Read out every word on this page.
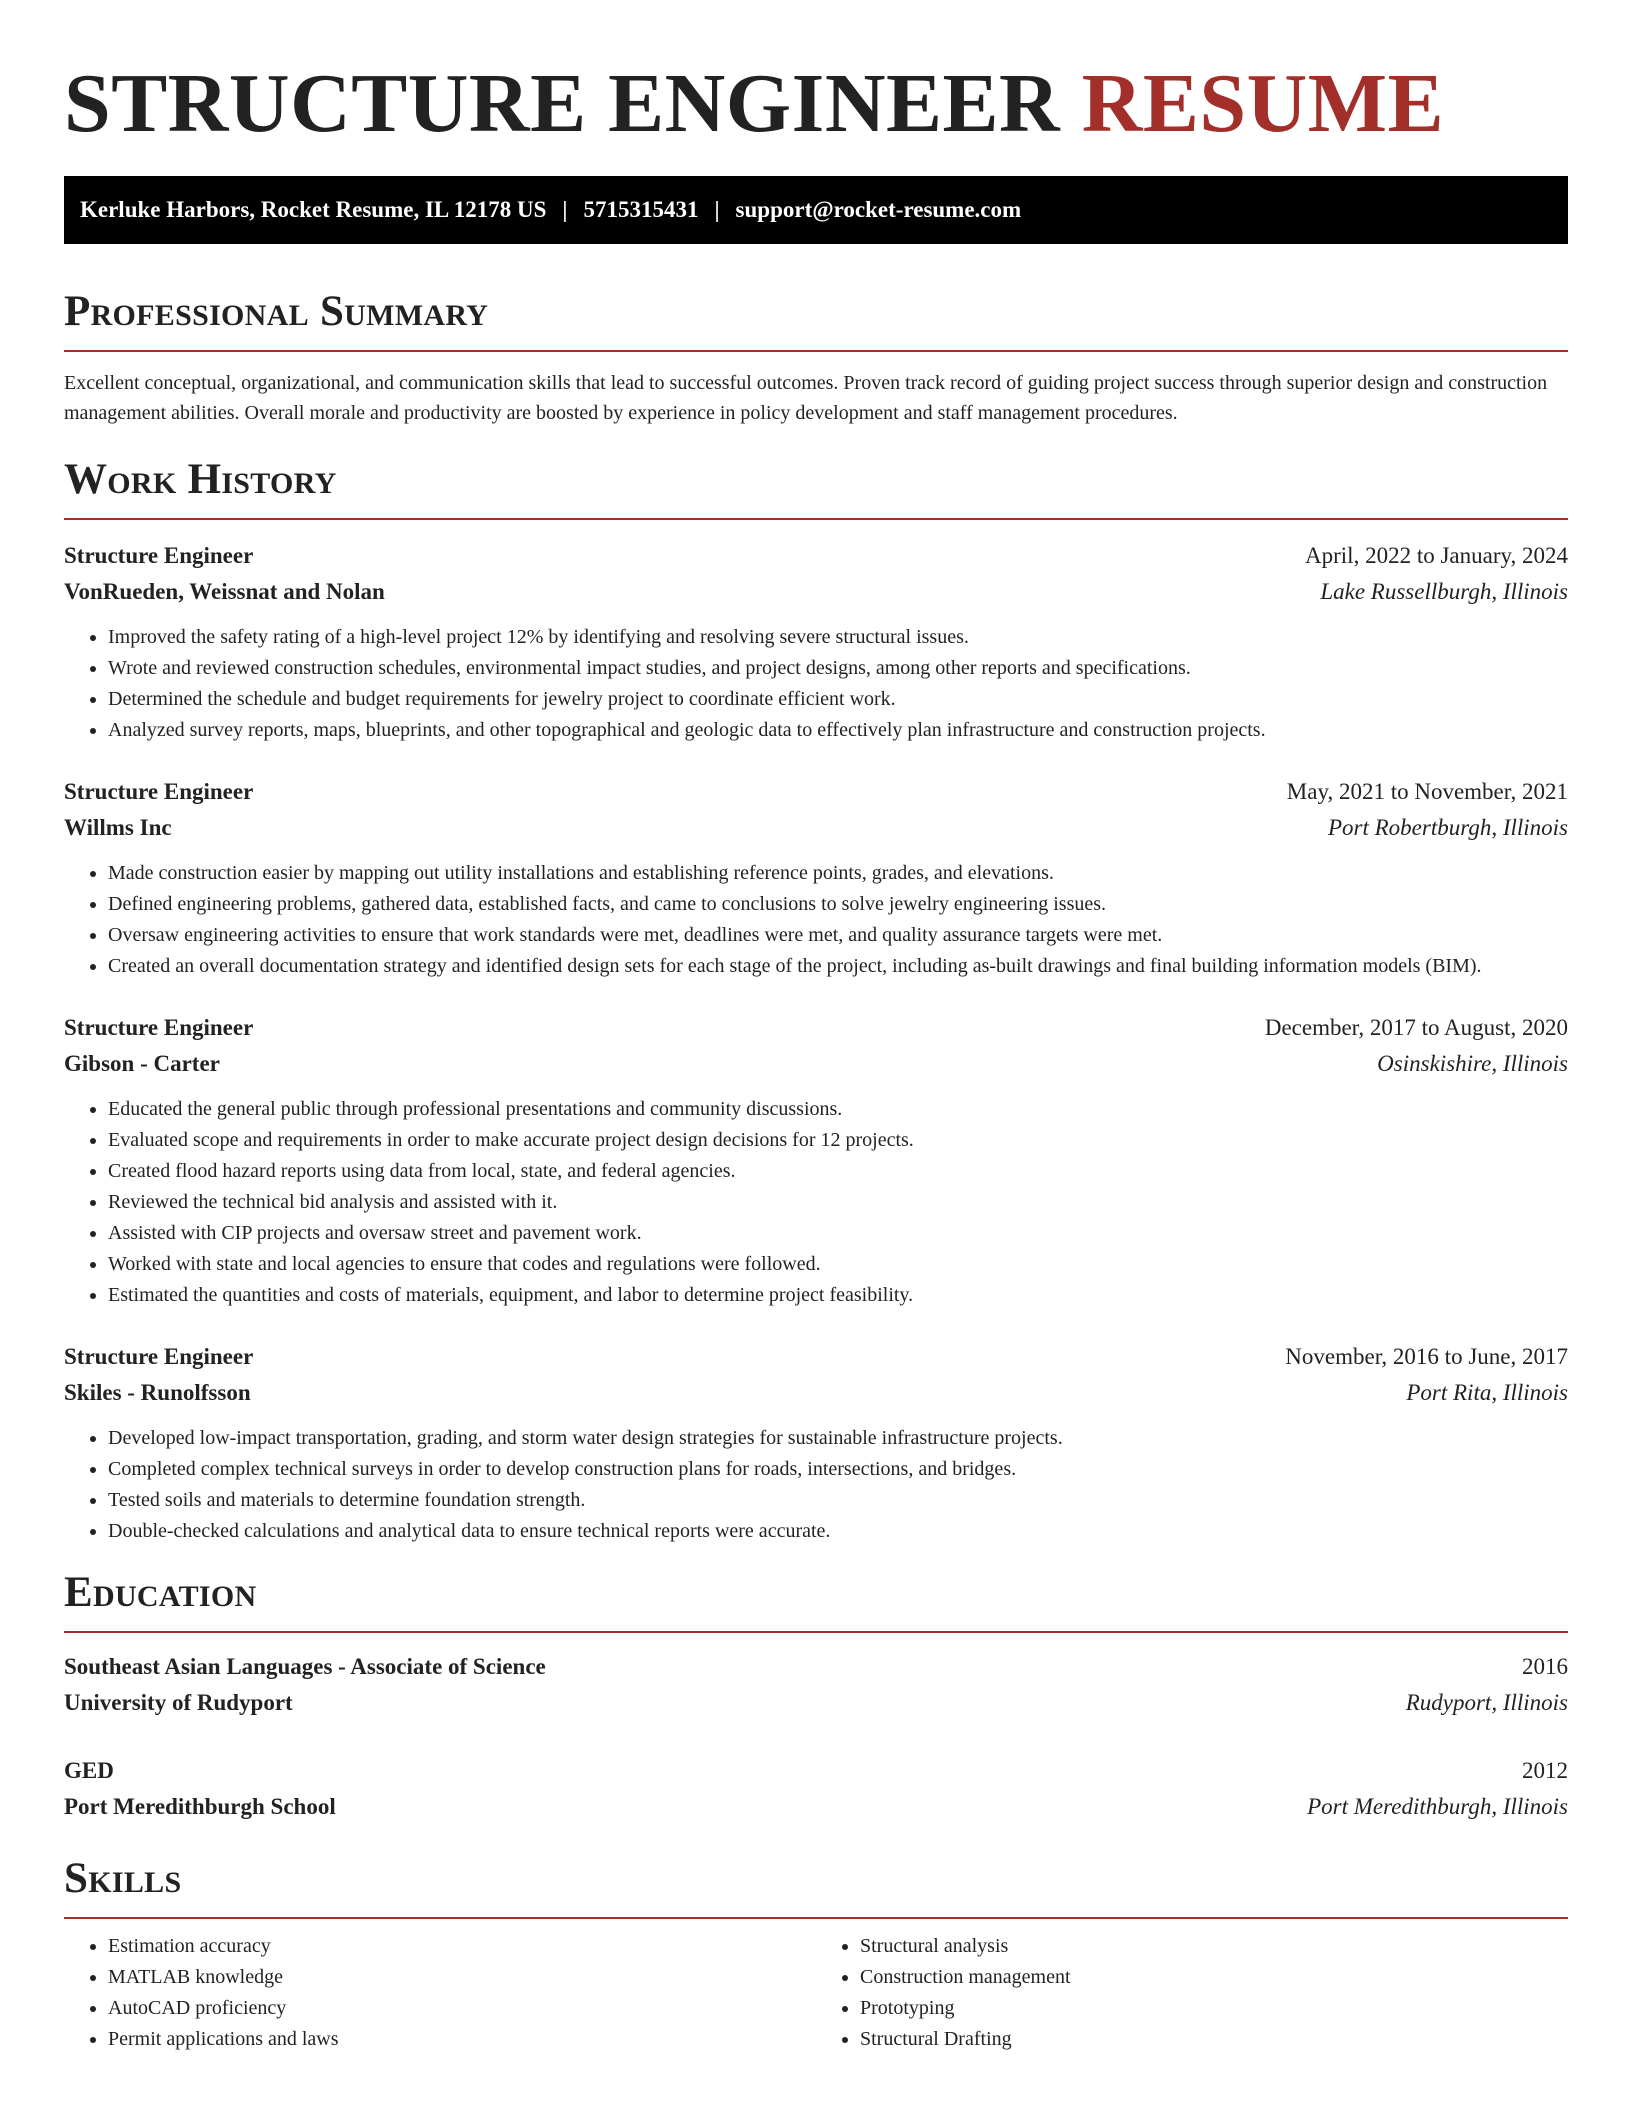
STRUCTURE ENGINEER RESUME
Kerluke Harbors, Rocket Resume, IL 12178 US | 5715315431 | support@rocket-resume.com
Professional Summary

Excellent conceptual, organizational, and communication skills that lead to successful outcomes. Proven track record of guiding project success through superior design and construction management abilities. Overall morale and productivity are boosted by experience in policy development and staff management procedures.

Work History
Structure Engineer	April, 2022 to January, 2024
VonRueden, Weissnat and Nolan	Lake Russellburgh, Illinois
• Improved the safety rating of a high-level project 12% by identifying and resolving severe structural issues.
• Wrote and reviewed construction schedules, environmental impact studies, and project designs, among other reports and specifications.
• Determined the schedule and budget requirements for jewelry project to coordinate efficient work.
• Analyzed survey reports, maps, blueprints, and other topographical and geologic data to effectively plan infrastructure and construction projects.
Structure Engineer	May, 2021 to November, 2021
Willms Inc	Port Robertburgh, Illinois
• Made construction easier by mapping out utility installations and establishing reference points, grades, and elevations.
• Defined engineering problems, gathered data, established facts, and came to conclusions to solve jewelry engineering issues.
• Oversaw engineering activities to ensure that work standards were met, deadlines were met, and quality assurance targets were met.
• Created an overall documentation strategy and identified design sets for each stage of the project, including as-built drawings and final building information models (BIM).
Structure Engineer	December, 2017 to August, 2020
Gibson - Carter	Osinskishire, Illinois
• Educated the general public through professional presentations and community discussions.
• Evaluated scope and requirements in order to make accurate project design decisions for 12 projects.
• Created flood hazard reports using data from local, state, and federal agencies.
• Reviewed the technical bid analysis and assisted with it.
• Assisted with CIP projects and oversaw street and pavement work.
• Worked with state and local agencies to ensure that codes and regulations were followed.
• Estimated the quantities and costs of materials, equipment, and labor to determine project feasibility.
Structure Engineer	November, 2016 to June, 2017
Skiles - Runolfsson	Port Rita, Illinois
• Developed low-impact transportation, grading, and storm water design strategies for sustainable infrastructure projects.
• Completed complex technical surveys in order to develop construction plans for roads, intersections, and bridges.
• Tested soils and materials to determine foundation strength.
• Double-checked calculations and analytical data to ensure technical reports were accurate.
Education
Southeast Asian Languages - Associate of Science	2016
University of Rudyport	Rudyport, Illinois
GED	2012
Port Meredithburgh School	Port Meredithburgh, Illinois
Skills
• Estimation accuracy
• MATLAB knowledge
• AutoCAD proficiency
• Permit applications and laws
• Structural analysis
• Construction management
• Prototyping
• Structural Drafting
